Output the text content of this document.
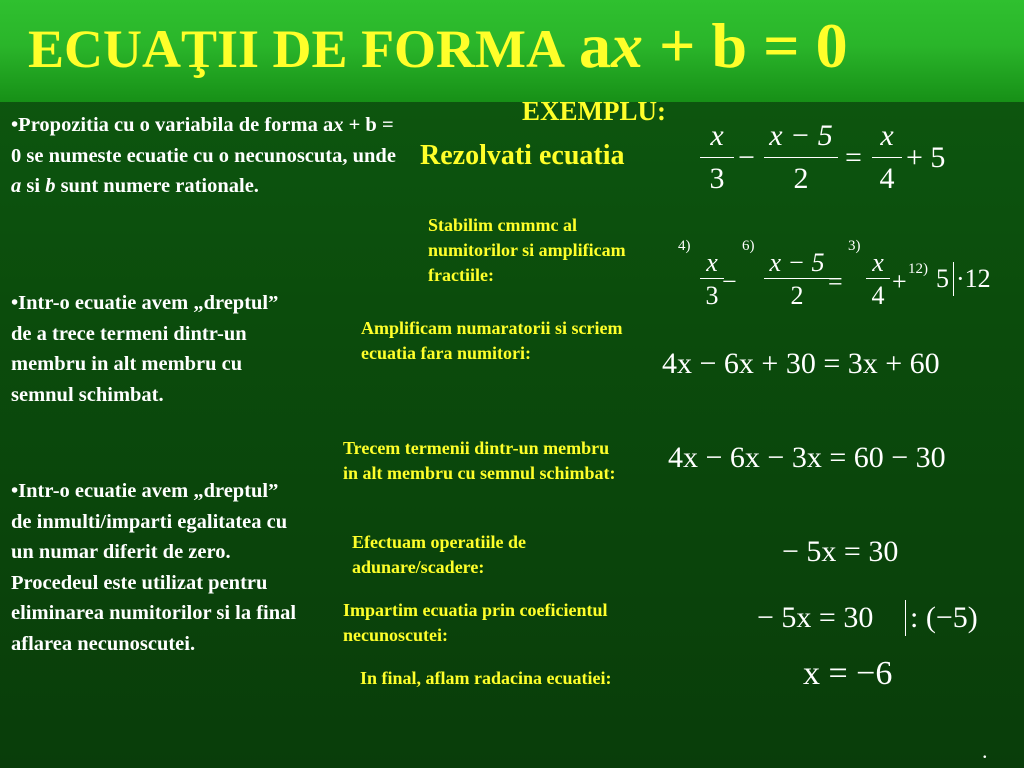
ECUAŢII DE FORMA ax + b = 0
•Propozitia cu o variabila de forma ax + b = 0 se numeste ecuatie cu o necunoscuta, unde a si b sunt numere rationale.
•Intr-o ecuatie avem „dreptul” de a trece termeni dintr-un membru in alt membru cu semnul schimbat.
•Intr-o ecuatie avem „dreptul” de inmulti/imparti egalitatea cu un numar diferit de zero. Procedeul este utilizat pentru eliminarea numitorilor si la final aflarea necunoscutei.
EXEMPLU:
Rezolvati ecuatia
x
3
−
x − 5
2
=
x
4
+ 5
Stabilim cmmmc al numitorilor si amplificam fractiile:
4)	6)	3)
12)
x
3 −
x − 5
2 =
x
4 + 5 ·12
Amplificam numaratorii si scriem ecuatia fara numitori:	4x − 6x + 30 = 3x + 60
Trecem termenii dintr-un membru in alt membru cu semnul schimbat: 4x − 6x − 3x = 60 − 30
Efectuam operatiile de adunare/scadere:	− 5x = 30
Impartim ecuatia prin coeficientul necunoscutei:
− 5x = 30 : (−5)
In final, aflam radacina ecuatiei:	x = −6
.
